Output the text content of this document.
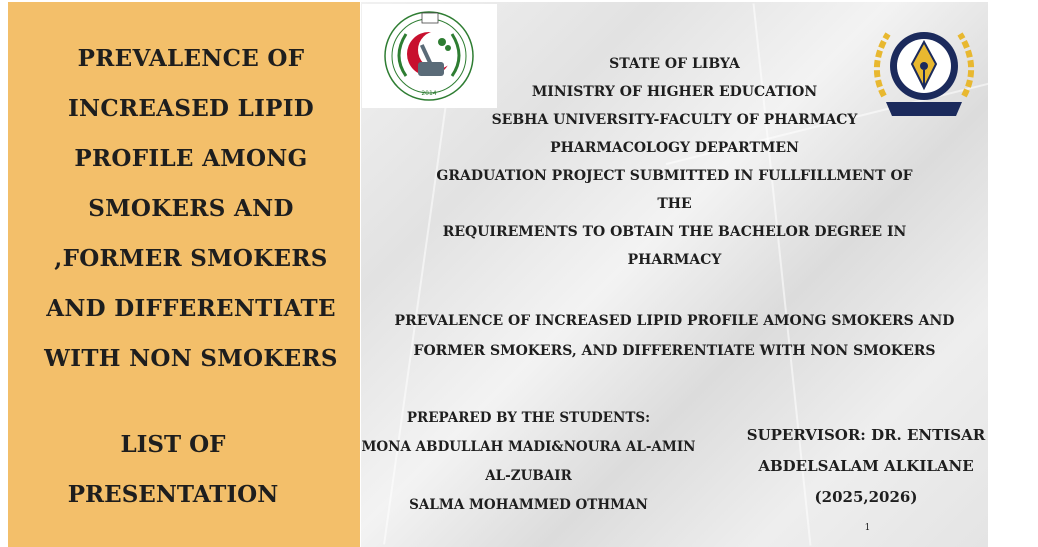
PREVALENCE OF
INCREASED LIPID
PROFILE AMONG
SMOKERS AND
,FORMER SMOKERS
AND DIFFERENTIATE
WITH NON SMOKERS
LIST OF
PRESENTATION
2014	1983
STATE OF LIBYA
MINISTRY OF HIGHER EDUCATION
SEBHA UNIVERSITY-FACULTY OF PHARMACY
PHARMACOLOGY DEPARTMEN
GRADUATION PROJECT SUBMITTED IN FULLFILLMENT OF
THE
REQUIREMENTS TO OBTAIN THE BACHELOR DEGREE IN
PHARMACY
PREVALENCE OF INCREASED LIPID PROFILE AMONG SMOKERS AND
FORMER SMOKERS, AND DIFFERENTIATE WITH NON SMOKERS
PREPARED BY THE STUDENTS:
MONA ABDULLAH MADI&NOURA AL-AMIN
AL-ZUBAIR
SALMA MOHAMMED OTHMAN
SUPERVISOR: DR. ENTISAR
ABDELSALAM ALKILANE
(2025,2026)
1
